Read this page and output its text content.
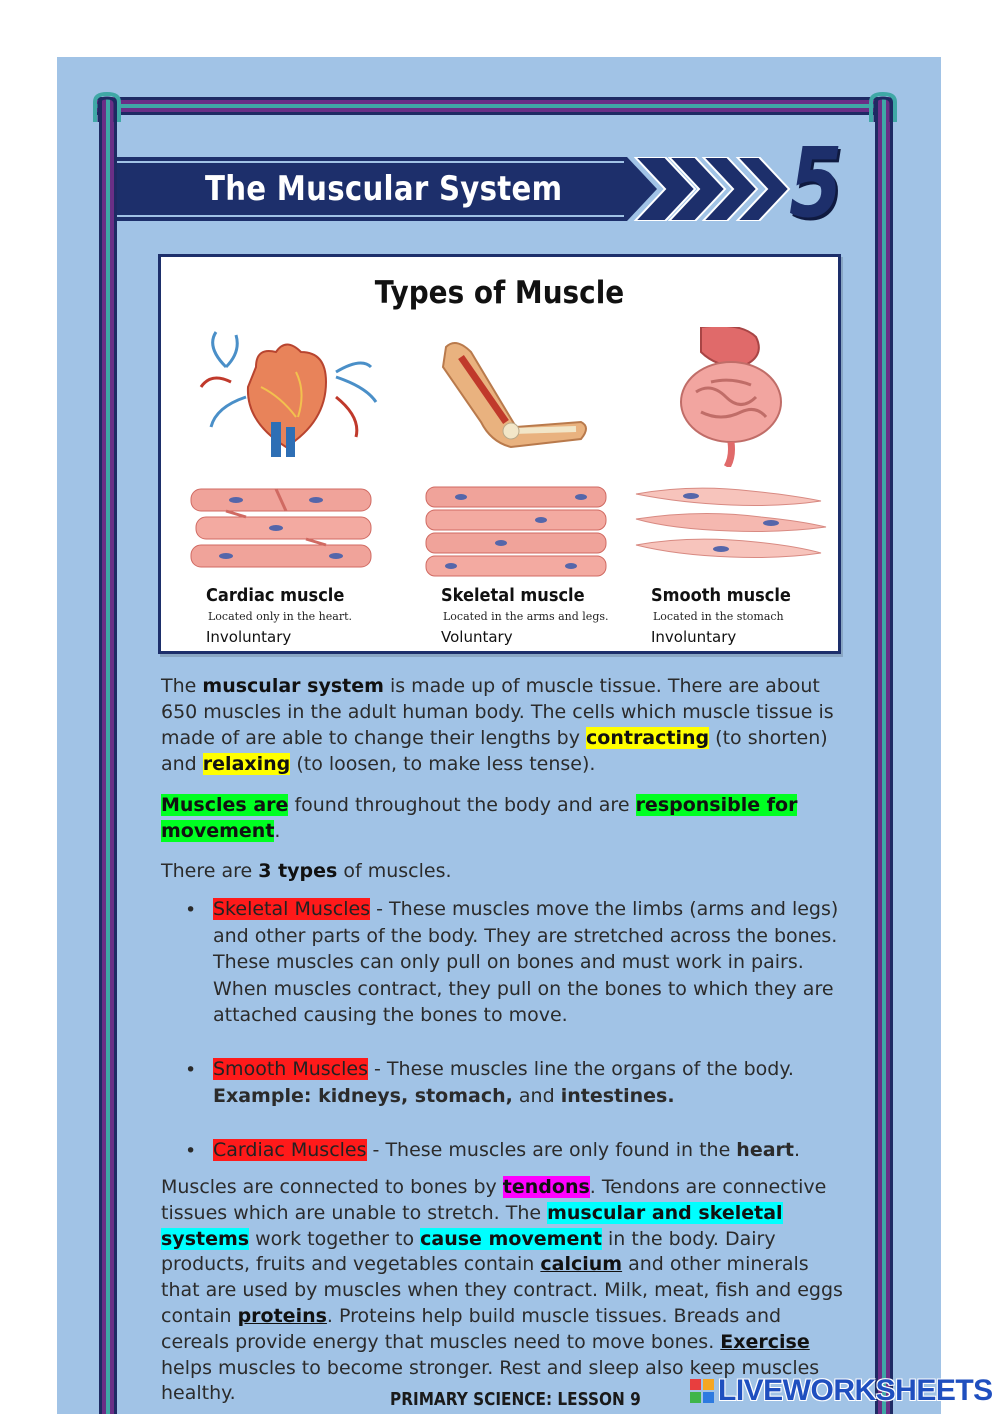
The Muscular System 5
Types of Muscle
Cardiac muscle
Located only in the heart.
Involuntary
Skeletal muscle
Located in the arms and legs.
Voluntary
Smooth muscle
Located in the stomach
Involuntary
The muscular system is made up of muscle tissue. There are about 650 muscles in the adult human body. The cells which muscle tissue is made of are able to change their lengths by contracting (to shorten) and relaxing (to loosen, to make less tense).
Muscles are found throughout the body and are responsible for movement.
There are 3 types of muscles.
• Skeletal Muscles - These muscles move the limbs (arms and legs) and other parts of the body. They are stretched across the bones. These muscles can only pull on bones and must work in pairs. When muscles contract, they pull on the bones to which they are attached causing the bones to move.
• Smooth Muscles - These muscles line the organs of the body.
Example: kidneys, stomach, and intestines.
• Cardiac Muscles - These muscles are only found in the heart.
Muscles are connected to bones by tendons. Tendons are connective tissues which are unable to stretch. The muscular and skeletal systems work together to cause movement in the body. Dairy products, fruits and vegetables contain calcium and other minerals that are used by muscles when they contract. Milk, meat, fish and eggs contain proteins. Proteins help build muscle tissues. Breads and cereals provide energy that muscles need to move bones. Exercise helps muscles to become stronger. Rest and sleep also keep muscles healthy.	PRIMARY SCIENCE: LESSON 9	LIVEWORKSHEETS
